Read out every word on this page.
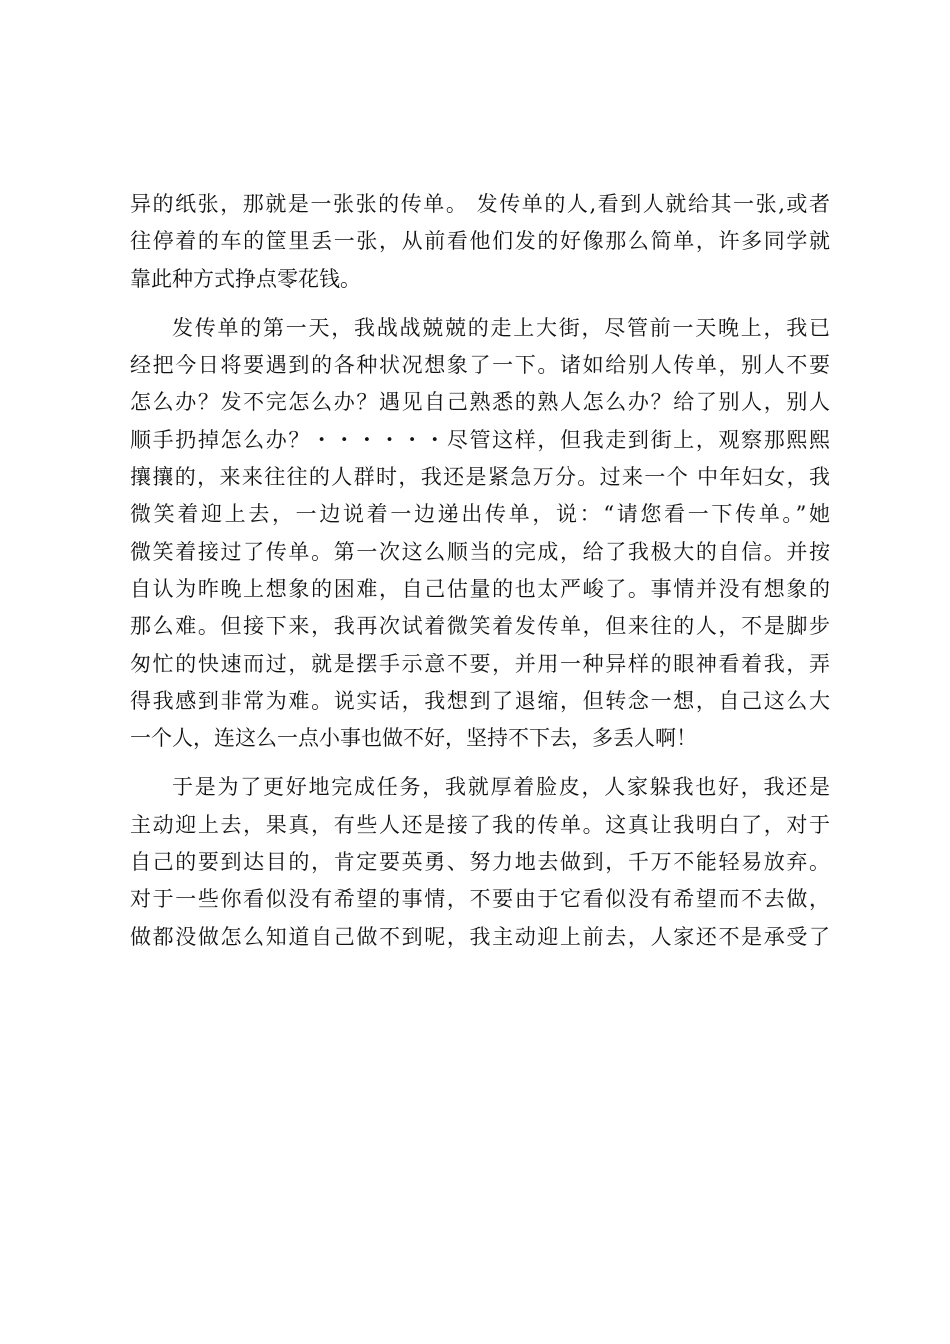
异的纸张，那就是一张张的传单。 发传单的人,看到人就给其一张,或者
往停着的车的筐里丢一张，从前看他们发的好像那么简单，许多同学就
靠此种方式挣点零花钱。
发传单的第一天，我战战兢兢的走上大街，尽管前一天晚上，我已
经把今日将要遇到的各种状况想象了一下。诸如给别人传单，别人不要
怎么办？发不完怎么办？遇见自己熟悉的熟人怎么办？给了别人，别人
顺手扔掉怎么办？・・・・・・尽管这样，但我走到街上，观察那熙熙
攘攘的，来来往往的人群时，我还是紧急万分。过来一个 中年妇女，我
微笑着迎上去，一边说着一边递出传单，说：“请您看一下传单。”她
微笑着接过了传单。第一次这么顺当的完成，给了我极大的自信。并按
自认为昨晚上想象的困难，自己估量的也太严峻了。事情并没有想象的
那么难。但接下来，我再次试着微笑着发传单，但来往的人，不是脚步
匆忙的快速而过，就是摆手示意不要，并用一种异样的眼神看着我，弄
得我感到非常为难。说实话，我想到了退缩，但转念一想，自己这么大
一个人，连这么一点小事也做不好，坚持不下去，多丢人啊！
于是为了更好地完成任务，我就厚着脸皮，人家躲我也好，我还是
主动迎上去，果真，有些人还是接了我的传单。这真让我明白了，对于
自己的要到达目的，肯定要英勇、努力地去做到，千万不能轻易放弃。
对于一些你看似没有希望的事情，不要由于它看似没有希望而不去做，
做都没做怎么知道自己做不到呢，我主动迎上前去，人家还不是承受了
